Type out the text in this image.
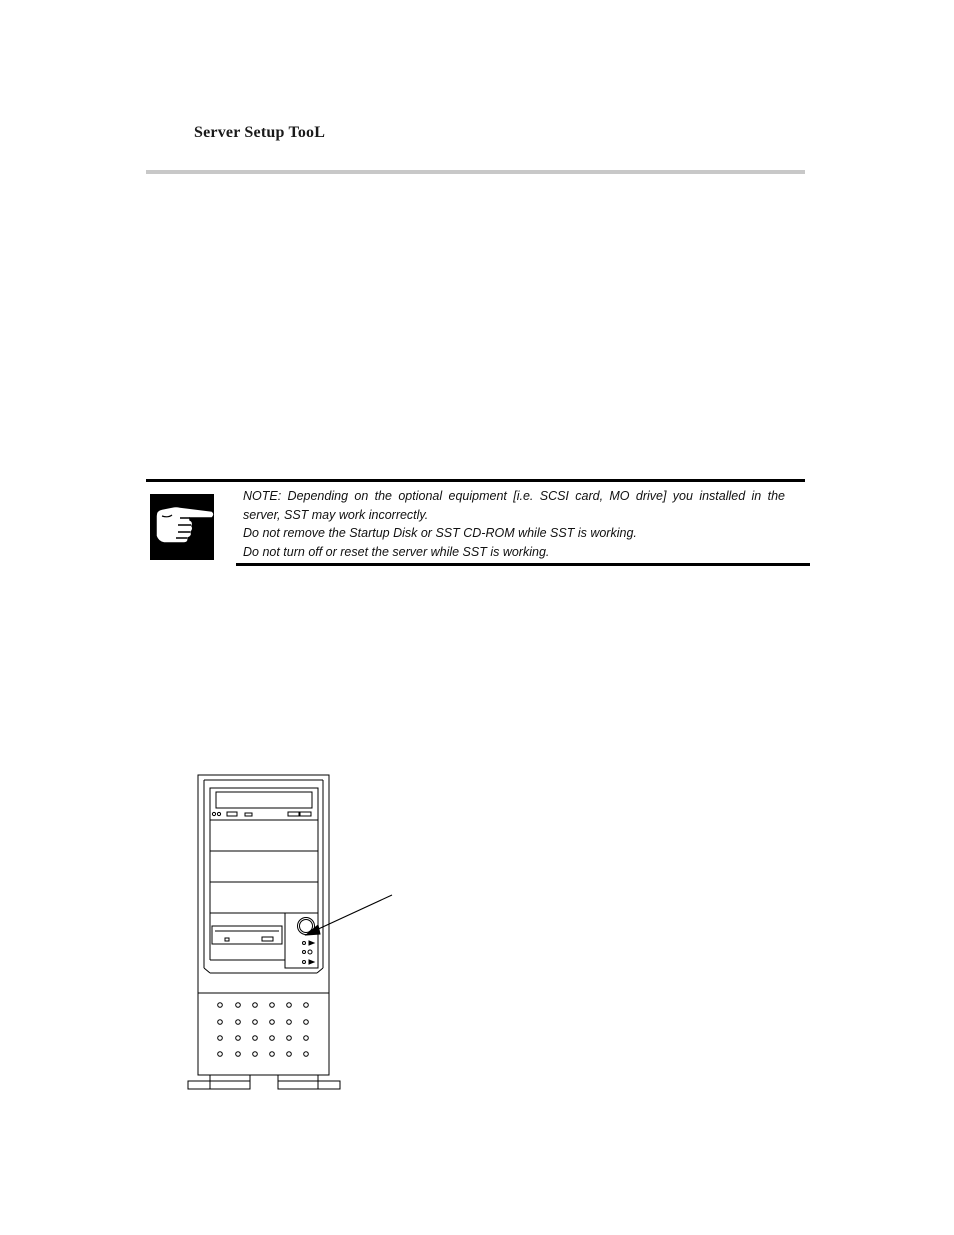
Server Setup TooL

NOTE: Depending on the optional equipment [i.e. SCSI card, MO drive] you installed in the server, SST may work incorrectly.

Do not remove the Startup Disk or SST CD-ROM while SST is working.

Do not turn off or reset the server while SST is working.
